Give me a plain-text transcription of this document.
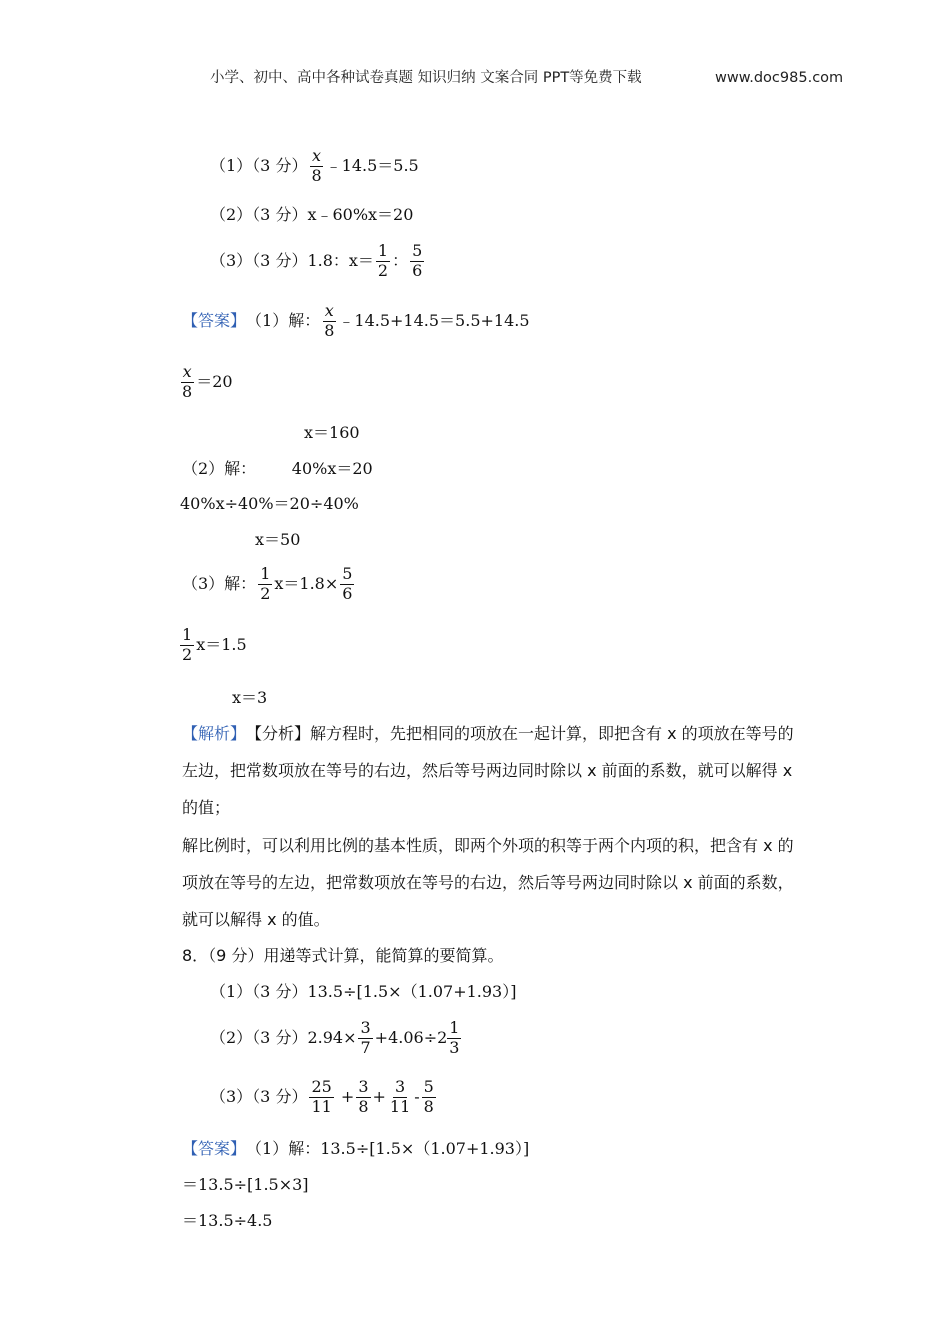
小学、初中、高中各种试卷真题 知识归纳 文案合同 PPT等免费下载	www.doc985.com
（1）（3 分） $\frac{x}{8}$ ﹣14.5＝5.5
（2）（3 分）x﹣60%x＝20
（3）（3 分）1.8：$x= \frac{1}{2}$ ： $\frac{5}{6}$
【答案】 （1）解： $\frac{x}{8}$ ﹣14.5+14.5＝5.5+14.5
$\frac{x}{8} =20$
x＝160
（2）解：       40%x＝20
40%x÷40%＝20÷40%
x＝50
（3）解： $\frac{1}{2} x=1.8\times \frac{5}{6}$
$\frac{1}{2} x=1.5$
x＝3
【解析】 【分析】解方程时，先把相同的项放在一起计算，即把含有 x 的项放在等号的
左边，把常数项放在等号的右边，然后等号两边同时除以 x 前面的系数，就可以解得 x
的值；
解比例时，可以利用比例的基本性质，即两个外项的积等于两个内项的积，把含有 x 的
项放在等号的左边，把常数项放在等号的右边，然后等号两边同时除以 x 前面的系数，
就可以解得 x 的值。
8．（9 分）用递等式计算，能简算的要简算。
（1）（3 分）13.5÷[1.5×（1.07+1.93）]
（2）（3 分）$2.94\times \frac{3}{7} +4.06\div 2 \frac{1}{3}$
（3）（3 分） $\frac{25}{11} + \frac{3}{8} + \frac{3}{11} - \frac{5}{8}$
【答案】 （1）解：13.5÷[1.5×（1.07+1.93）]
＝13.5÷[1.5×3]
＝13.5÷4.5
